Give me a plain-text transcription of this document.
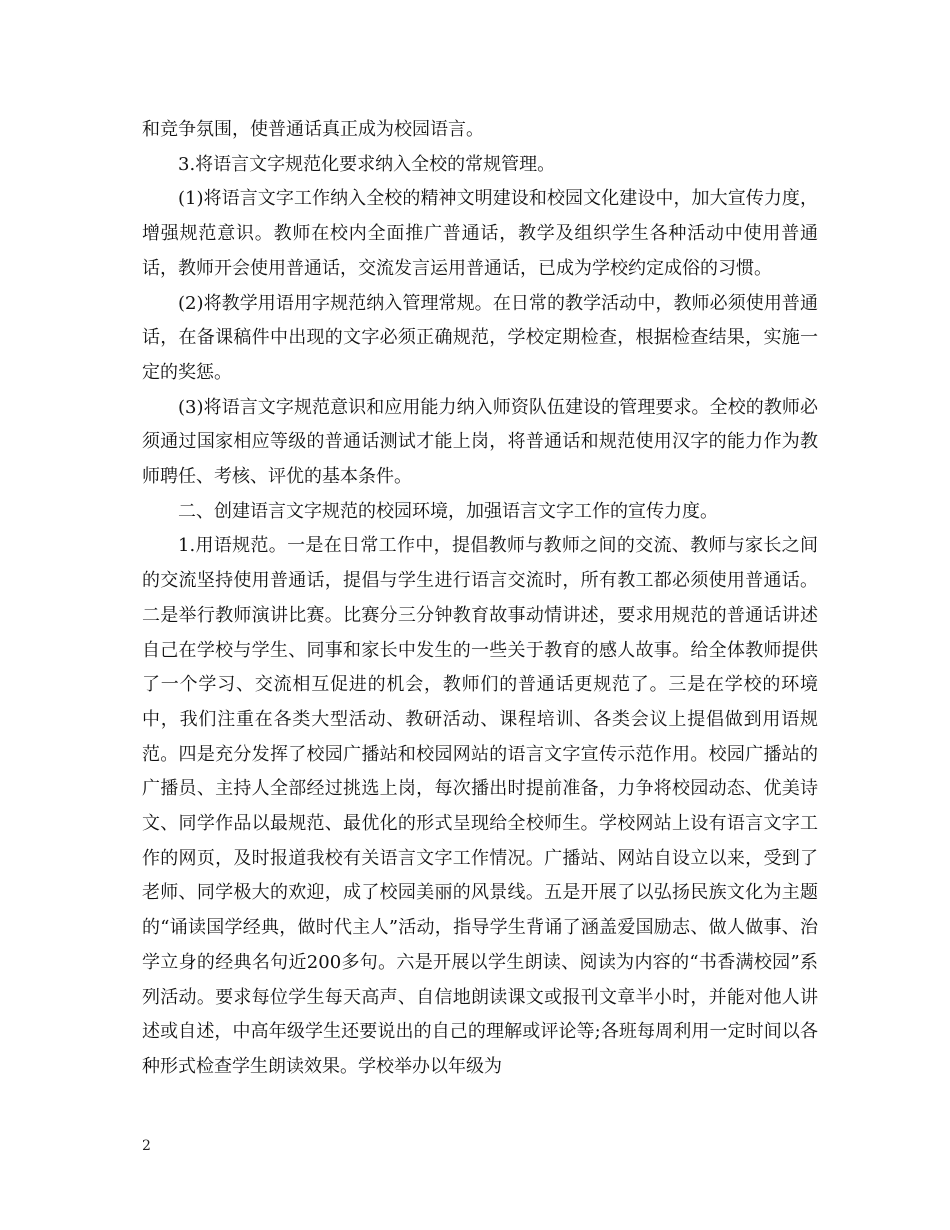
和竞争氛围，使普通话真正成为校园语言。

3.将语言文字规范化要求纳入全校的常规管理。

(1)将语言文字工作纳入全校的精神文明建设和校园文化建设中，加大宣传力度，增强规范意识。教师在校内全面推广普通话，教学及组织学生各种活动中使用普通话，教师开会使用普通话，交流发言运用普通话，已成为学校约定成俗的习惯。

(2)将教学用语用字规范纳入管理常规。在日常的教学活动中，教师必须使用普通话，在备课稿件中出现的文字必须正确规范，学校定期检查，根据检查结果，实施一定的奖惩。

(3)将语言文字规范意识和应用能力纳入师资队伍建设的管理要求。全校的教师必须通过国家相应等级的普通话测试才能上岗，将普通话和规范使用汉字的能力作为教师聘任、考核、评优的基本条件。

二、创建语言文字规范的校园环境，加强语言文字工作的宣传力度。

1.用语规范。一是在日常工作中，提倡教师与教师之间的交流、教师与家长之间的交流坚持使用普通话，提倡与学生进行语言交流时，所有教工都必须使用普通话。二是举行教师演讲比赛。比赛分三分钟教育故事动情讲述，要求用规范的普通话讲述自己在学校与学生、同事和家长中发生的一些关于教育的感人故事。给全体教师提供了一个学习、交流相互促进的机会，教师们的普通话更规范了。三是在学校的环境中，我们注重在各类大型活动、教研活动、课程培训、各类会议上提倡做到用语规范。四是充分发挥了校园广播站和校园网站的语言文字宣传示范作用。校园广播站的广播员、主持人全部经过挑选上岗，每次播出时提前准备，力争将校园动态、优美诗文、同学作品以最规范、最优化的形式呈现给全校师生。学校网站上设有语言文字工作的网页，及时报道我校有关语言文字工作情况。广播站、网站自设立以来，受到了老师、同学极大的欢迎，成了校园美丽的风景线。五是开展了以弘扬民族文化为主题的“诵读国学经典，做时代主人”活动，指导学生背诵了涵盖爱国励志、做人做事、治学立身的经典名句近200多句。六是开展以学生朗读、阅读为内容的“书香满校园”系列活动。要求每位学生每天高声、自信地朗读课文或报刊文章半小时，并能对他人讲述或自述，中高年级学生还要说出的自己的理解或评论等;各班每周利用一定时间以各种形式检查学生朗读效果。学校举办以年级为

2
